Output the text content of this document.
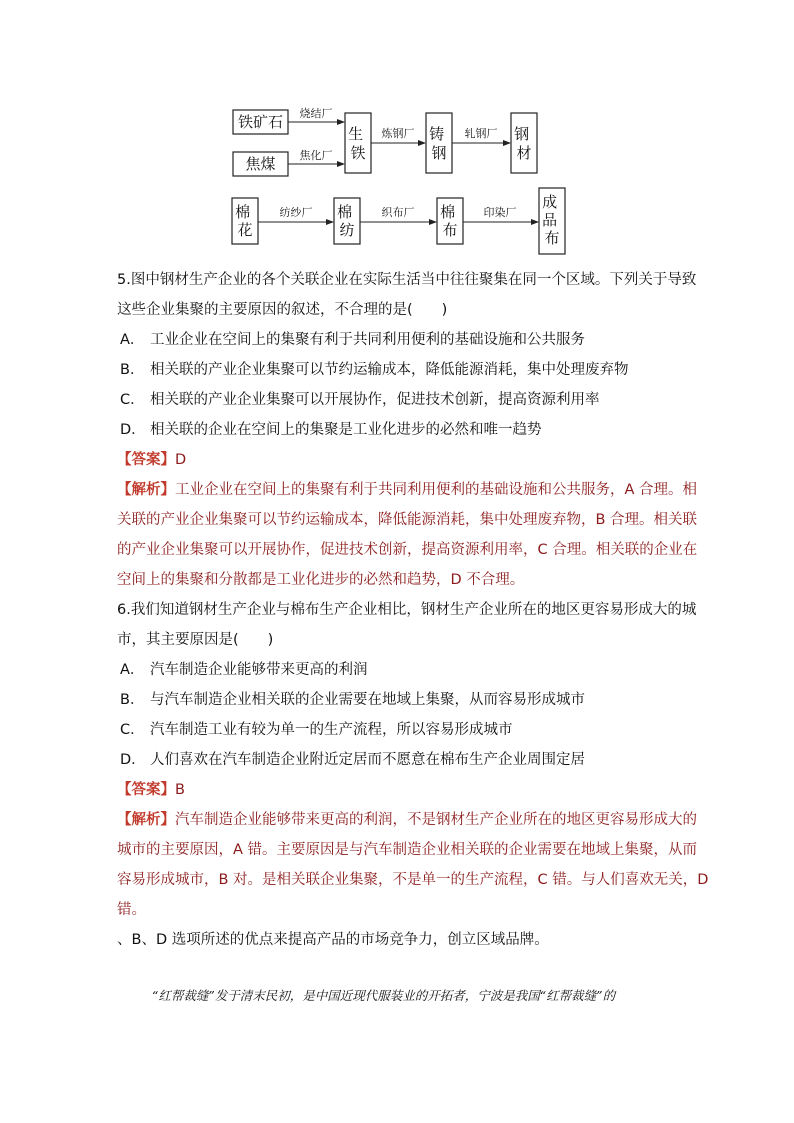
铁矿石
焦煤
生 铁
铸 钢
钢 材
烧结厂
焦化厂
炼钢厂	轧钢厂
棉 花
棉 纺
棉 布
成 品 布
纺纱厂	织布厂	印染厂
5.图中钢材生产企业的各个关联企业在实际生活当中往往聚集在同一个区域。下列关于导致
这些企业集聚的主要原因的叙述，不合理的是(　　)
A． 工业企业在空间上的集聚有利于共同利用便利的基础设施和公共服务
B． 相关联的产业企业集聚可以节约运输成本，降低能源消耗，集中处理废弃物
C． 相关联的产业企业集聚可以开展协作，促进技术创新，提高资源利用率
D． 相关联的企业在空间上的集聚是工业化进步的必然和唯一趋势
【答案】D
【解析】工业企业在空间上的集聚有利于共同利用便利的基础设施和公共服务，A 合理。相
关联的产业企业集聚可以节约运输成本，降低能源消耗，集中处理废弃物，B 合理。相关联
的产业企业集聚可以开展协作，促进技术创新，提高资源利用率，C 合理。相关联的企业在
空间上的集聚和分散都是工业化进步的必然和趋势，D 不合理。
6.我们知道钢材生产企业与棉布生产企业相比，钢材生产企业所在的地区更容易形成大的城
市，其主要原因是(　　)
A． 汽车制造企业能够带来更高的利润
B． 与汽车制造企业相关联的企业需要在地域上集聚，从而容易形成城市
C． 汽车制造工业有较为单一的生产流程，所以容易形成城市
D． 人们喜欢在汽车制造企业附近定居而不愿意在棉布生产企业周围定居
【答案】B
【解析】汽车制造企业能够带来更高的利润，不是钢材生产企业所在的地区更容易形成大的
城市的主要原因，A 错。主要原因是与汽车制造企业相关联的企业需要在地域上集聚，从而
容易形成城市，B 对。是相关联企业集聚，不是单一的生产流程，C 错。与人们喜欢无关，D
错。
、B、D 选项所述的优点来提高产品的市场竞争力，创立区域品牌。
“红帮裁缝”发于清末民初，是中国近现代服装业的开拓者，宁波是我国“红帮裁缝”的
